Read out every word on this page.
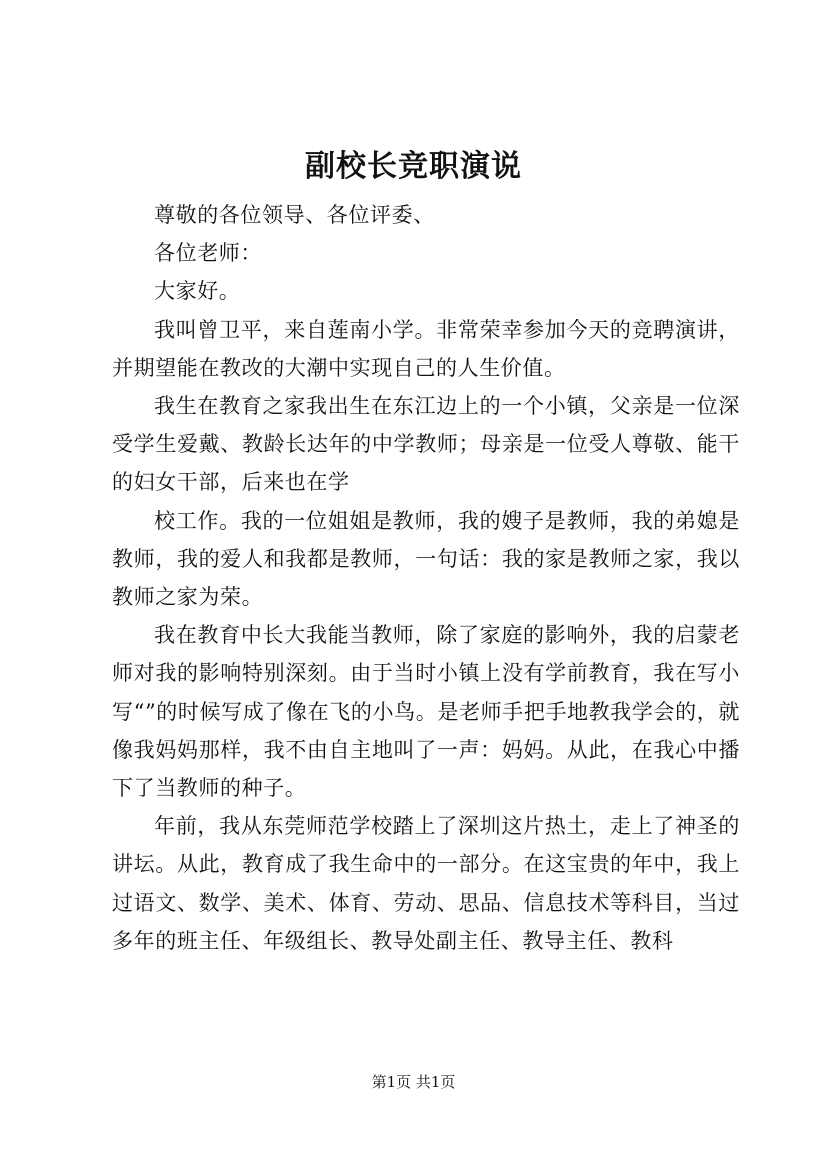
副校长竞职演说

尊敬的各位领导、各位评委、

各位老师：

大家好。

我叫曾卫平，来自莲南小学。非常荣幸参加今天的竞聘演讲，并期望能在教改的大潮中实现自己的人生价值。

我生在教育之家我出生在东江边上的一个小镇，父亲是一位深受学生爱戴、教龄长达年的中学教师；母亲是一位受人尊敬、能干的妇女干部，后来也在学

校工作。我的一位姐姐是教师，我的嫂子是教师，我的弟媳是教师，我的爱人和我都是教师，一句话：我的家是教师之家，我以教师之家为荣。

我在教育中长大我能当教师，除了家庭的影响外，我的启蒙老师对我的影响特别深刻。由于当时小镇上没有学前教育，我在写小写“”的时候写成了像在飞的小鸟。是老师手把手地教我学会的，就像我妈妈那样，我不由自主地叫了一声：妈妈。从此，在我心中播下了当教师的种子。

年前，我从东莞师范学校踏上了深圳这片热土，走上了神圣的讲坛。从此，教育成了我生命中的一部分。在这宝贵的年中，我上过语文、数学、美术、体育、劳动、思品、信息技术等科目，当过多年的班主任、年级组长、教导处副主任、教导主任、教科

第1页 共1页
